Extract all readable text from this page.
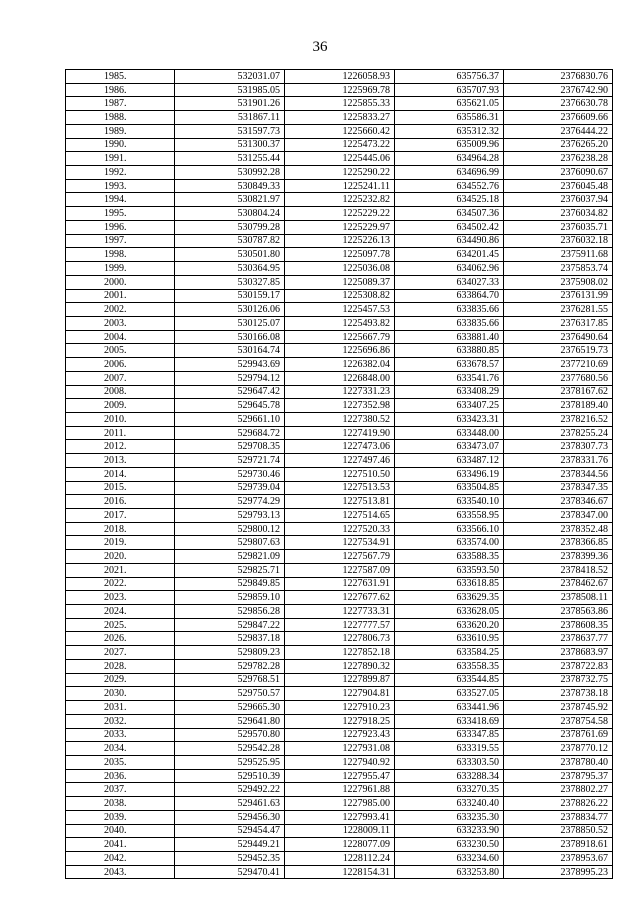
36
1985.	532031.07	1226058.93	635756.37	2376830.76
1986.	531985.05	1225969.78	635707.93	2376742.90
1987.	531901.26	1225855.33	635621.05	2376630.78
1988.	531867.11	1225833.27	635586.31	2376609.66
1989.	531597.73	1225660.42	635312.32	2376444.22
1990.	531300.37	1225473.22	635009.96	2376265.20
1991.	531255.44	1225445.06	634964.28	2376238.28
1992.	530992.28	1225290.22	634696.99	2376090.67
1993.	530849.33	1225241.11	634552.76	2376045.48
1994.	530821.97	1225232.82	634525.18	2376037.94
1995.	530804.24	1225229.22	634507.36	2376034.82
1996.	530799.28	1225229.97	634502.42	2376035.71
1997.	530787.82	1225226.13	634490.86	2376032.18
1998.	530501.80	1225097.78	634201.45	2375911.68
1999.	530364.95	1225036.08	634062.96	2375853.74
2000.	530327.85	1225089.37	634027.33	2375908.02
2001.	530159.17	1225308.82	633864.70	2376131.99
2002.	530126.06	1225457.53	633835.66	2376281.55
2003.	530125.07	1225493.82	633835.66	2376317.85
2004.	530166.08	1225667.79	633881.40	2376490.64
2005.	530164.74	1225696.86	633880.85	2376519.73
2006.	529943.69	1226382.04	633678.57	2377210.69
2007.	529794.12	1226848.00	633541.76	2377680.56
2008.	529647.42	1227331.23	633408.29	2378167.62
2009.	529645.78	1227352.98	633407.25	2378189.40
2010.	529661.10	1227380.52	633423.31	2378216.52
2011.	529684.72	1227419.90	633448.00	2378255.24
2012.	529708.35	1227473.06	633473.07	2378307.73
2013.	529721.74	1227497.46	633487.12	2378331.76
2014.	529730.46	1227510.50	633496.19	2378344.56
2015.	529739.04	1227513.53	633504.85	2378347.35
2016.	529774.29	1227513.81	633540.10	2378346.67
2017.	529793.13	1227514.65	633558.95	2378347.00
2018.	529800.12	1227520.33	633566.10	2378352.48
2019.	529807.63	1227534.91	633574.00	2378366.85
2020.	529821.09	1227567.79	633588.35	2378399.36
2021.	529825.71	1227587.09	633593.50	2378418.52
2022.	529849.85	1227631.91	633618.85	2378462.67
2023.	529859.10	1227677.62	633629.35	2378508.11
2024.	529856.28	1227733.31	633628.05	2378563.86
2025.	529847.22	1227777.57	633620.20	2378608.35
2026.	529837.18	1227806.73	633610.95	2378637.77
2027.	529809.23	1227852.18	633584.25	2378683.97
2028.	529782.28	1227890.32	633558.35	2378722.83
2029.	529768.51	1227899.87	633544.85	2378732.75
2030.	529750.57	1227904.81	633527.05	2378738.18
2031.	529665.30	1227910.23	633441.96	2378745.92
2032.	529641.80	1227918.25	633418.69	2378754.58
2033.	529570.80	1227923.43	633347.85	2378761.69
2034.	529542.28	1227931.08	633319.55	2378770.12
2035.	529525.95	1227940.92	633303.50	2378780.40
2036.	529510.39	1227955.47	633288.34	2378795.37
2037.	529492.22	1227961.88	633270.35	2378802.27
2038.	529461.63	1227985.00	633240.40	2378826.22
2039.	529456.30	1227993.41	633235.30	2378834.77
2040.	529454.47	1228009.11	633233.90	2378850.52
2041.	529449.21	1228077.09	633230.50	2378918.61
2042.	529452.35	1228112.24	633234.60	2378953.67
2043.	529470.41	1228154.31	633253.80	2378995.23
